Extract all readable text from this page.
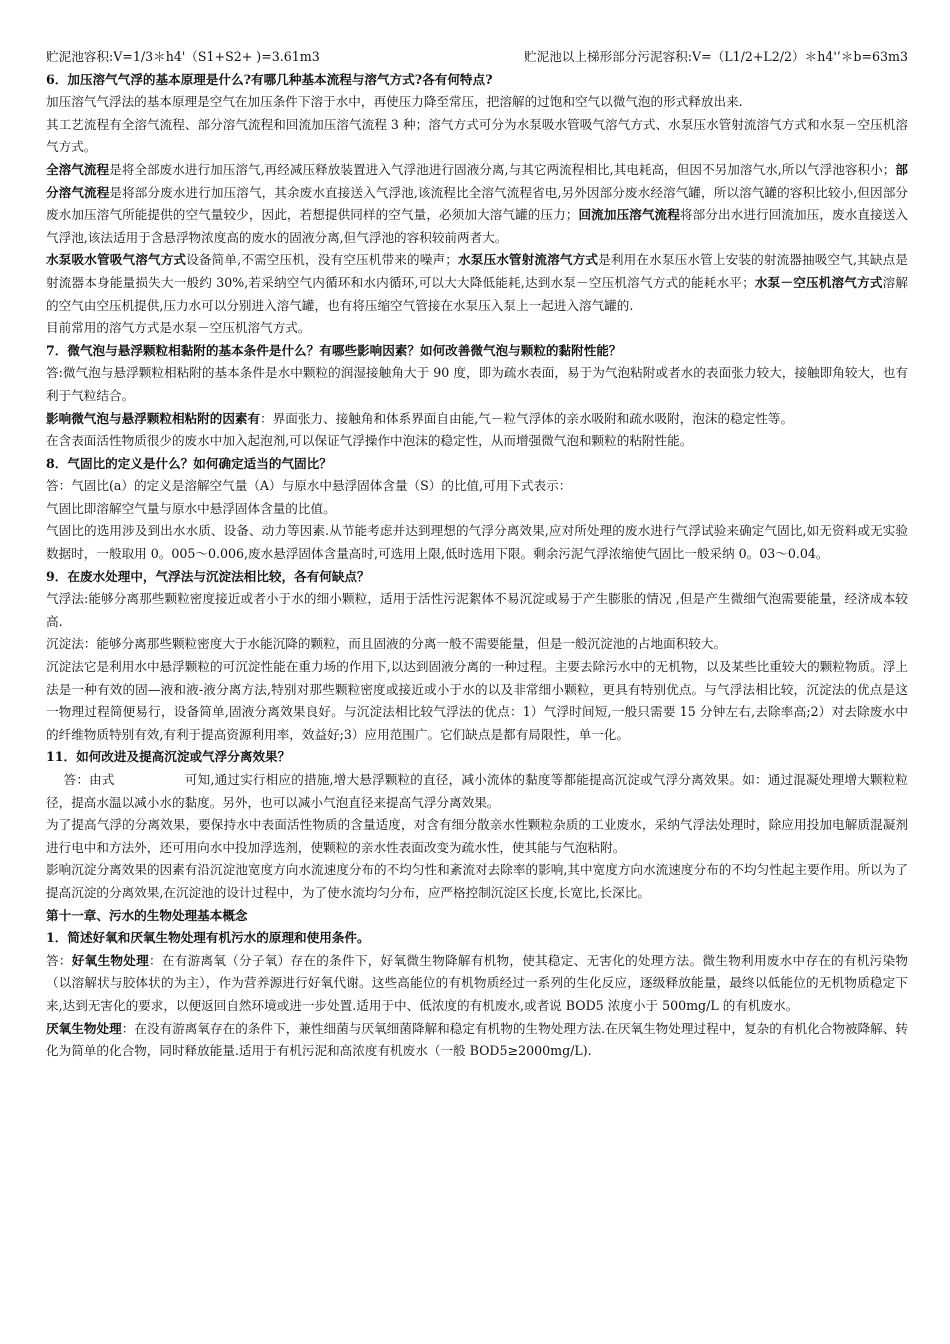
贮泥池容积:V=1/3＊h4'（S1+S2+ )=3.61m3	贮泥池以上梯形部分污泥容积:V=（L1/2+L2/2）＊h4'’＊b=63m3

6．加压溶气气浮的基本原理是什么?有哪几种基本流程与溶气方式?各有何特点?

加压溶气气浮法的基本原理是空气在加压条件下溶于水中，再使压力降至常压，把溶解的过饱和空气以微气泡的形式释放出来.

其工艺流程有全溶气流程、部分溶气流程和回流加压溶气流程 3 种；溶气方式可分为水泵吸水管吸气溶气方式、水泵压水管射流溶气方式和水泵－空压机溶气方式。

全溶气流程是将全部废水进行加压溶气,再经减压释放装置进入气浮池进行固液分离,与其它两流程相比,其电耗高，但因不另加溶气水,所以气浮池容积小；部分溶气流程是将部分废水进行加压溶气，其余废水直接送入气浮池,该流程比全溶气流程省电,另外因部分废水经溶气罐，所以溶气罐的容积比较小,但因部分废水加压溶气所能提供的空气量较少，因此，若想提供同样的空气量，必须加大溶气罐的压力；回流加压溶气流程将部分出水进行回流加压，废水直接送入气浮池,该法适用于含悬浮物浓度高的废水的固液分离,但气浮池的容积较前两者大。

水泵吸水管吸气溶气方式设备简单,不需空压机，没有空压机带来的噪声；水泵压水管射流溶气方式是利用在水泵压水管上安装的射流器抽吸空气,其缺点是射流器本身能量损失大一般约 30%,若采纳空气内循环和水内循环,可以大大降低能耗,达到水泵－空压机溶气方式的能耗水平；水泵－空压机溶气方式溶解的空气由空压机提供,压力水可以分别进入溶气罐，也有将压缩空气管接在水泵压入泵上一起进入溶气罐的.

目前常用的溶气方式是水泵－空压机溶气方式。

7．微气泡与悬浮颗粒相黏附的基本条件是什么？有哪些影响因素？如何改善微气泡与颗粒的黏附性能？

答:微气泡与悬浮颗粒相粘附的基本条件是水中颗粒的润湿接触角大于 90 度，即为疏水表面，易于为气泡粘附或者水的表面张力较大，接触即角较大，也有利于气粒结合。

影响微气泡与悬浮颗粒相粘附的因素有：界面张力、接触角和体系界面自由能,气－粒气浮体的亲水吸附和疏水吸附，泡沫的稳定性等。

在含表面活性物质很少的废水中加入起泡剂,可以保证气浮操作中泡沫的稳定性，从而增强微气泡和颗粒的粘附性能。

8．气固比的定义是什么？如何确定适当的气固比？

答：气固比(a）的定义是溶解空气量（A）与原水中悬浮固体含量（S）的比值,可用下式表示：

气固比即溶解空气量与原水中悬浮固体含量的比值。

气固比的选用涉及到出水水质、设备、动力等因素.从节能考虑并达到理想的气浮分离效果,应对所处理的废水进行气浮试验来确定气固比,如无资料或无实验数据时，一般取用 0。005～0.006,废水悬浮固体含量高时,可选用上限,低时选用下限。剩余污泥气浮浓缩使气固比一般采纳 0。03～0.04。

9．在废水处理中，气浮法与沉淀法相比较，各有何缺点？

气浮法:能够分离那些颗粒密度接近或者小于水的细小颗粒，适用于活性污泥絮体不易沉淀或易于产生膨胀的情况 ,但是产生微细气泡需要能量，经济成本较高.

沉淀法：能够分离那些颗粒密度大于水能沉降的颗粒，而且固液的分离一般不需要能量，但是一般沉淀池的占地面积较大。

沉淀法它是利用水中悬浮颗粒的可沉淀性能在重力场的作用下,以达到固液分离的一种过程。主要去除污水中的无机物，以及某些比重较大的颗粒物质。浮上法是一种有效的固—液和液-液分离方法,特别对那些颗粒密度或接近或小于水的以及非常细小颗粒，更具有特别优点。与气浮法相比较，沉淀法的优点是这一物理过程简便易行，设备简单,固液分离效果良好。与沉淀法相比较气浮法的优点：1）气浮时间短,一般只需要 15 分钟左右,去除率高;2）对去除废水中的纤维物质特别有效,有利于提高资源利用率，效益好;3）应用范围广。它们缺点是都有局限性，单一化。

11．如何改进及提高沉淀或气浮分离效果？

答：由式	可知,通过实行相应的措施,增大悬浮颗粒的直径，减小流体的黏度等都能提高沉淀或气浮分离效果。如：通过混凝处理增大颗粒粒径，提高水温以减小水的黏度。另外，也可以减小气泡直径来提高气浮分离效果。

为了提高气浮的分离效果，要保持水中表面活性物质的含量适度，对含有细分散亲水性颗粒杂质的工业废水，采纳气浮法处理时，除应用投加电解质混凝剂进行电中和方法外，还可用向水中投加浮选剂，使颗粒的亲水性表面改变为疏水性，使其能与气泡粘附。

影响沉淀分离效果的因素有沿沉淀池宽度方向水流速度分布的不均匀性和紊流对去除率的影响,其中宽度方向水流速度分布的不均匀性起主要作用。所以为了提高沉淀的分离效果,在沉淀池的设计过程中，为了使水流均匀分布，应严格控制沉淀区长度,长宽比,长深比。

第十一章、污水的生物处理基本概念

1．简述好氧和厌氧生物处理有机污水的原理和使用条件。

答：好氧生物处理：在有游离氧（分子氧）存在的条件下，好氧微生物降解有机物，使其稳定、无害化的处理方法。微生物利用废水中存在的有机污染物（以溶解状与胶体状的为主），作为营养源进行好氧代谢。这些高能位的有机物质经过一系列的生化反应，逐级释放能量，最终以低能位的无机物质稳定下来,达到无害化的要求，以便返回自然环境或进一步处置.适用于中、低浓度的有机废水,或者说 BOD5 浓度小于 500mg/L 的有机废水。

厌氧生物处理：在没有游离氧存在的条件下，兼性细菌与厌氧细菌降解和稳定有机物的生物处理方法.在厌氧生物处理过程中，复杂的有机化合物被降解、转化为简单的化合物，同时释放能量.适用于有机污泥和高浓度有机废水（一般 BOD5≥2000mg/L).
